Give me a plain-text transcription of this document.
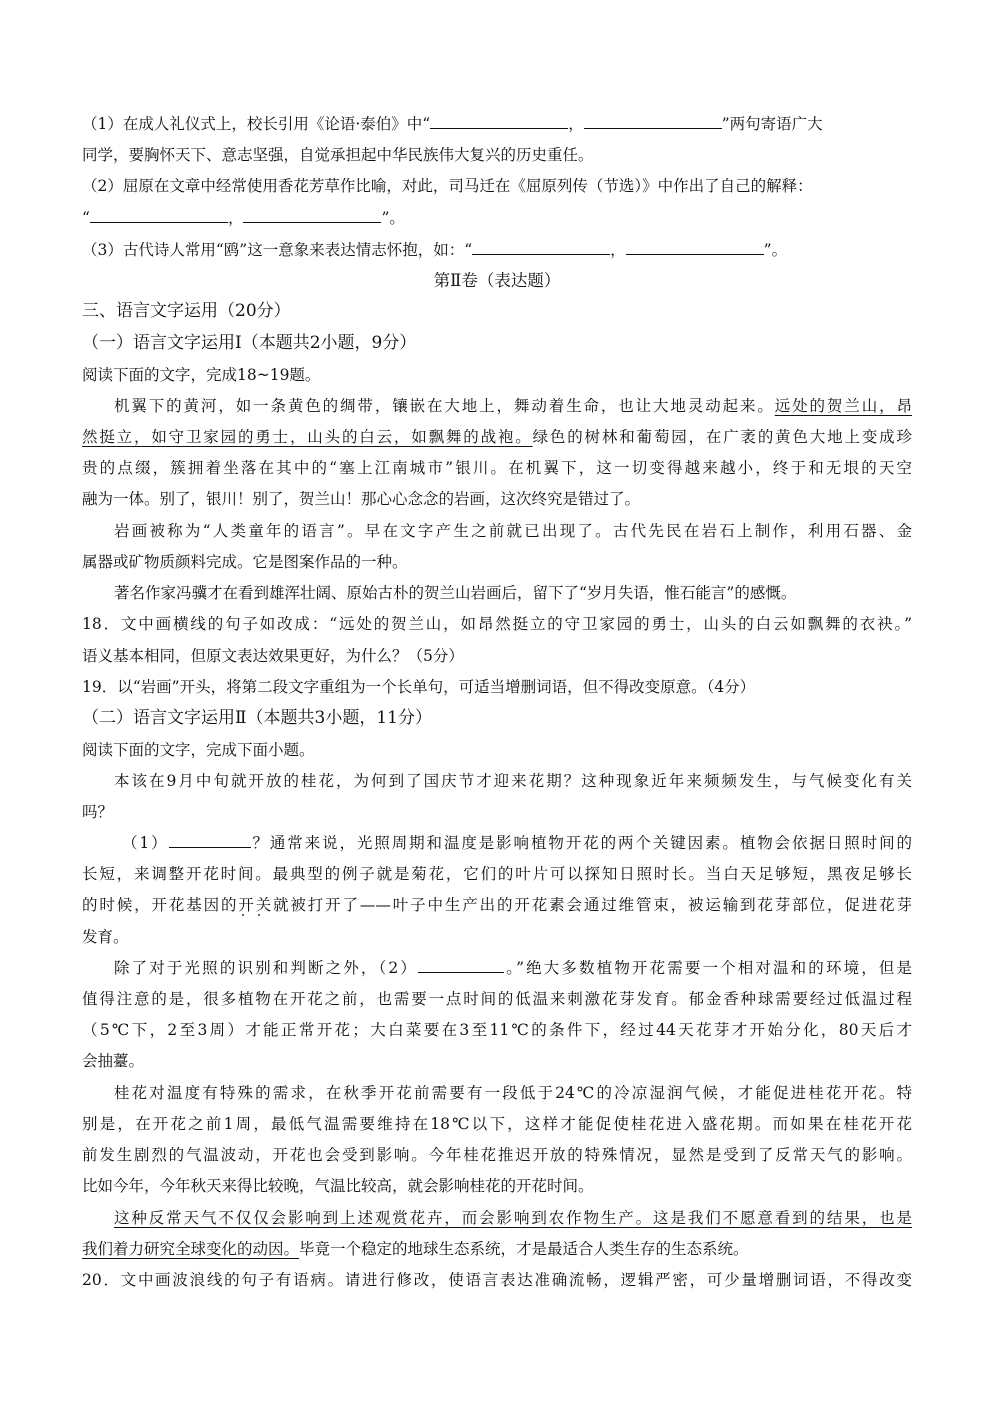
（1）在成人礼仪式上，校长引用《论语·泰伯》中“	，	”两句寄语广大
同学，要胸怀天下、意志坚强，自觉承担起中华民族伟大复兴的历史重任。
（2）屈原在文章中经常使用香花芳草作比喻，对此，司马迁在《屈原列传（节选）》中作出了自己的解释：
“	，	”。
（3）古代诗人常用“鸥”这一意象来表达情志怀抱，如：“	，	”。
第Ⅱ卷（表达题）
三、语言文字运用（20分）
（一）语言文字运用Ⅰ（本题共2小题，9分）
阅读下面的文字，完成18~19题。
机翼下的黄河，如一条黄色的绸带，镶嵌在大地上，舞动着生命，也让大地灵动起来。远处的贺兰山，昂
然挺立，如守卫家园的勇士，山头的白云，如飘舞的战袍。绿色的树林和葡萄园，在广袤的黄色大地上变成珍
贵的点缀，簇拥着坐落在其中的“塞上江南城市”银川。在机翼下，这一切变得越来越小，终于和无垠的天空
融为一体。别了，银川！别了，贺兰山！那心心念念的岩画，这次终究是错过了。
岩画被称为“人类童年的语言”。早在文字产生之前就已出现了。古代先民在岩石上制作，利用石器、金
属器或矿物质颜料完成。它是图案作品的一种。
著名作家冯骥才在看到雄浑壮阔、原始古朴的贺兰山岩画后，留下了“岁月失语，惟石能言”的感慨。
18．文中画横线的句子如改成：“远处的贺兰山，如昂然挺立的守卫家园的勇士，山头的白云如飘舞的衣袂。”
语义基本相同，但原文表达效果更好，为什么？（5分）
19．以“岩画”开头，将第二段文字重组为一个长单句，可适当增删词语，但不得改变原意。（4分）
（二）语言文字运用Ⅱ（本题共3小题，11分）
阅读下面的文字，完成下面小题。
本该在9月中旬就开放的桂花，为何到了国庆节才迎来花期？这种现象近年来频频发生，与气候变化有关
吗？
（1）	？通常来说，光照周期和温度是影响植物开花的两个关键因素。植物会依据日照时间的
长短，来调整开花时间。最典型的例子就是菊花，它们的叶片可以探知日照时长。当白天足够短，黑夜足够长
的时候，开花基因的开关就被打开了——叶子中生产出的开花素会通过维管束，被运输到花芽部位，促进花芽
发育。
除了对于光照的识别和判断之外，（2）	。”绝大多数植物开花需要一个相对温和的环境，但是
值得注意的是，很多植物在开花之前，也需要一点时间的低温来刺激花芽发育。郁金香种球需要经过低温过程
（5℃下，2至3周）才能正常开花；大白菜要在3至11℃的条件下，经过44天花芽才开始分化，80天后才
会抽薹。
桂花对温度有特殊的需求，在秋季开花前需要有一段低于24℃的冷凉湿润气候，才能促进桂花开花。特
别是，在开花之前1周，最低气温需要维持在18℃以下，这样才能促使桂花进入盛花期。而如果在桂花开花
前发生剧烈的气温波动，开花也会受到影响。今年桂花推迟开放的特殊情况，显然是受到了反常天气的影响。
比如今年，今年秋天来得比较晚，气温比较高，就会影响桂花的开花时间。
这种反常天气不仅仅会影响到上述观赏花卉，而会影响到农作物生产。这是我们不愿意看到的结果，也是
我们着力研究全球变化的动因。毕竟一个稳定的地球生态系统，才是最适合人类生存的生态系统。
20．文中画波浪线的句子有语病。请进行修改，使语言表达准确流畅，逻辑严密，可少量增删词语，不得改变
